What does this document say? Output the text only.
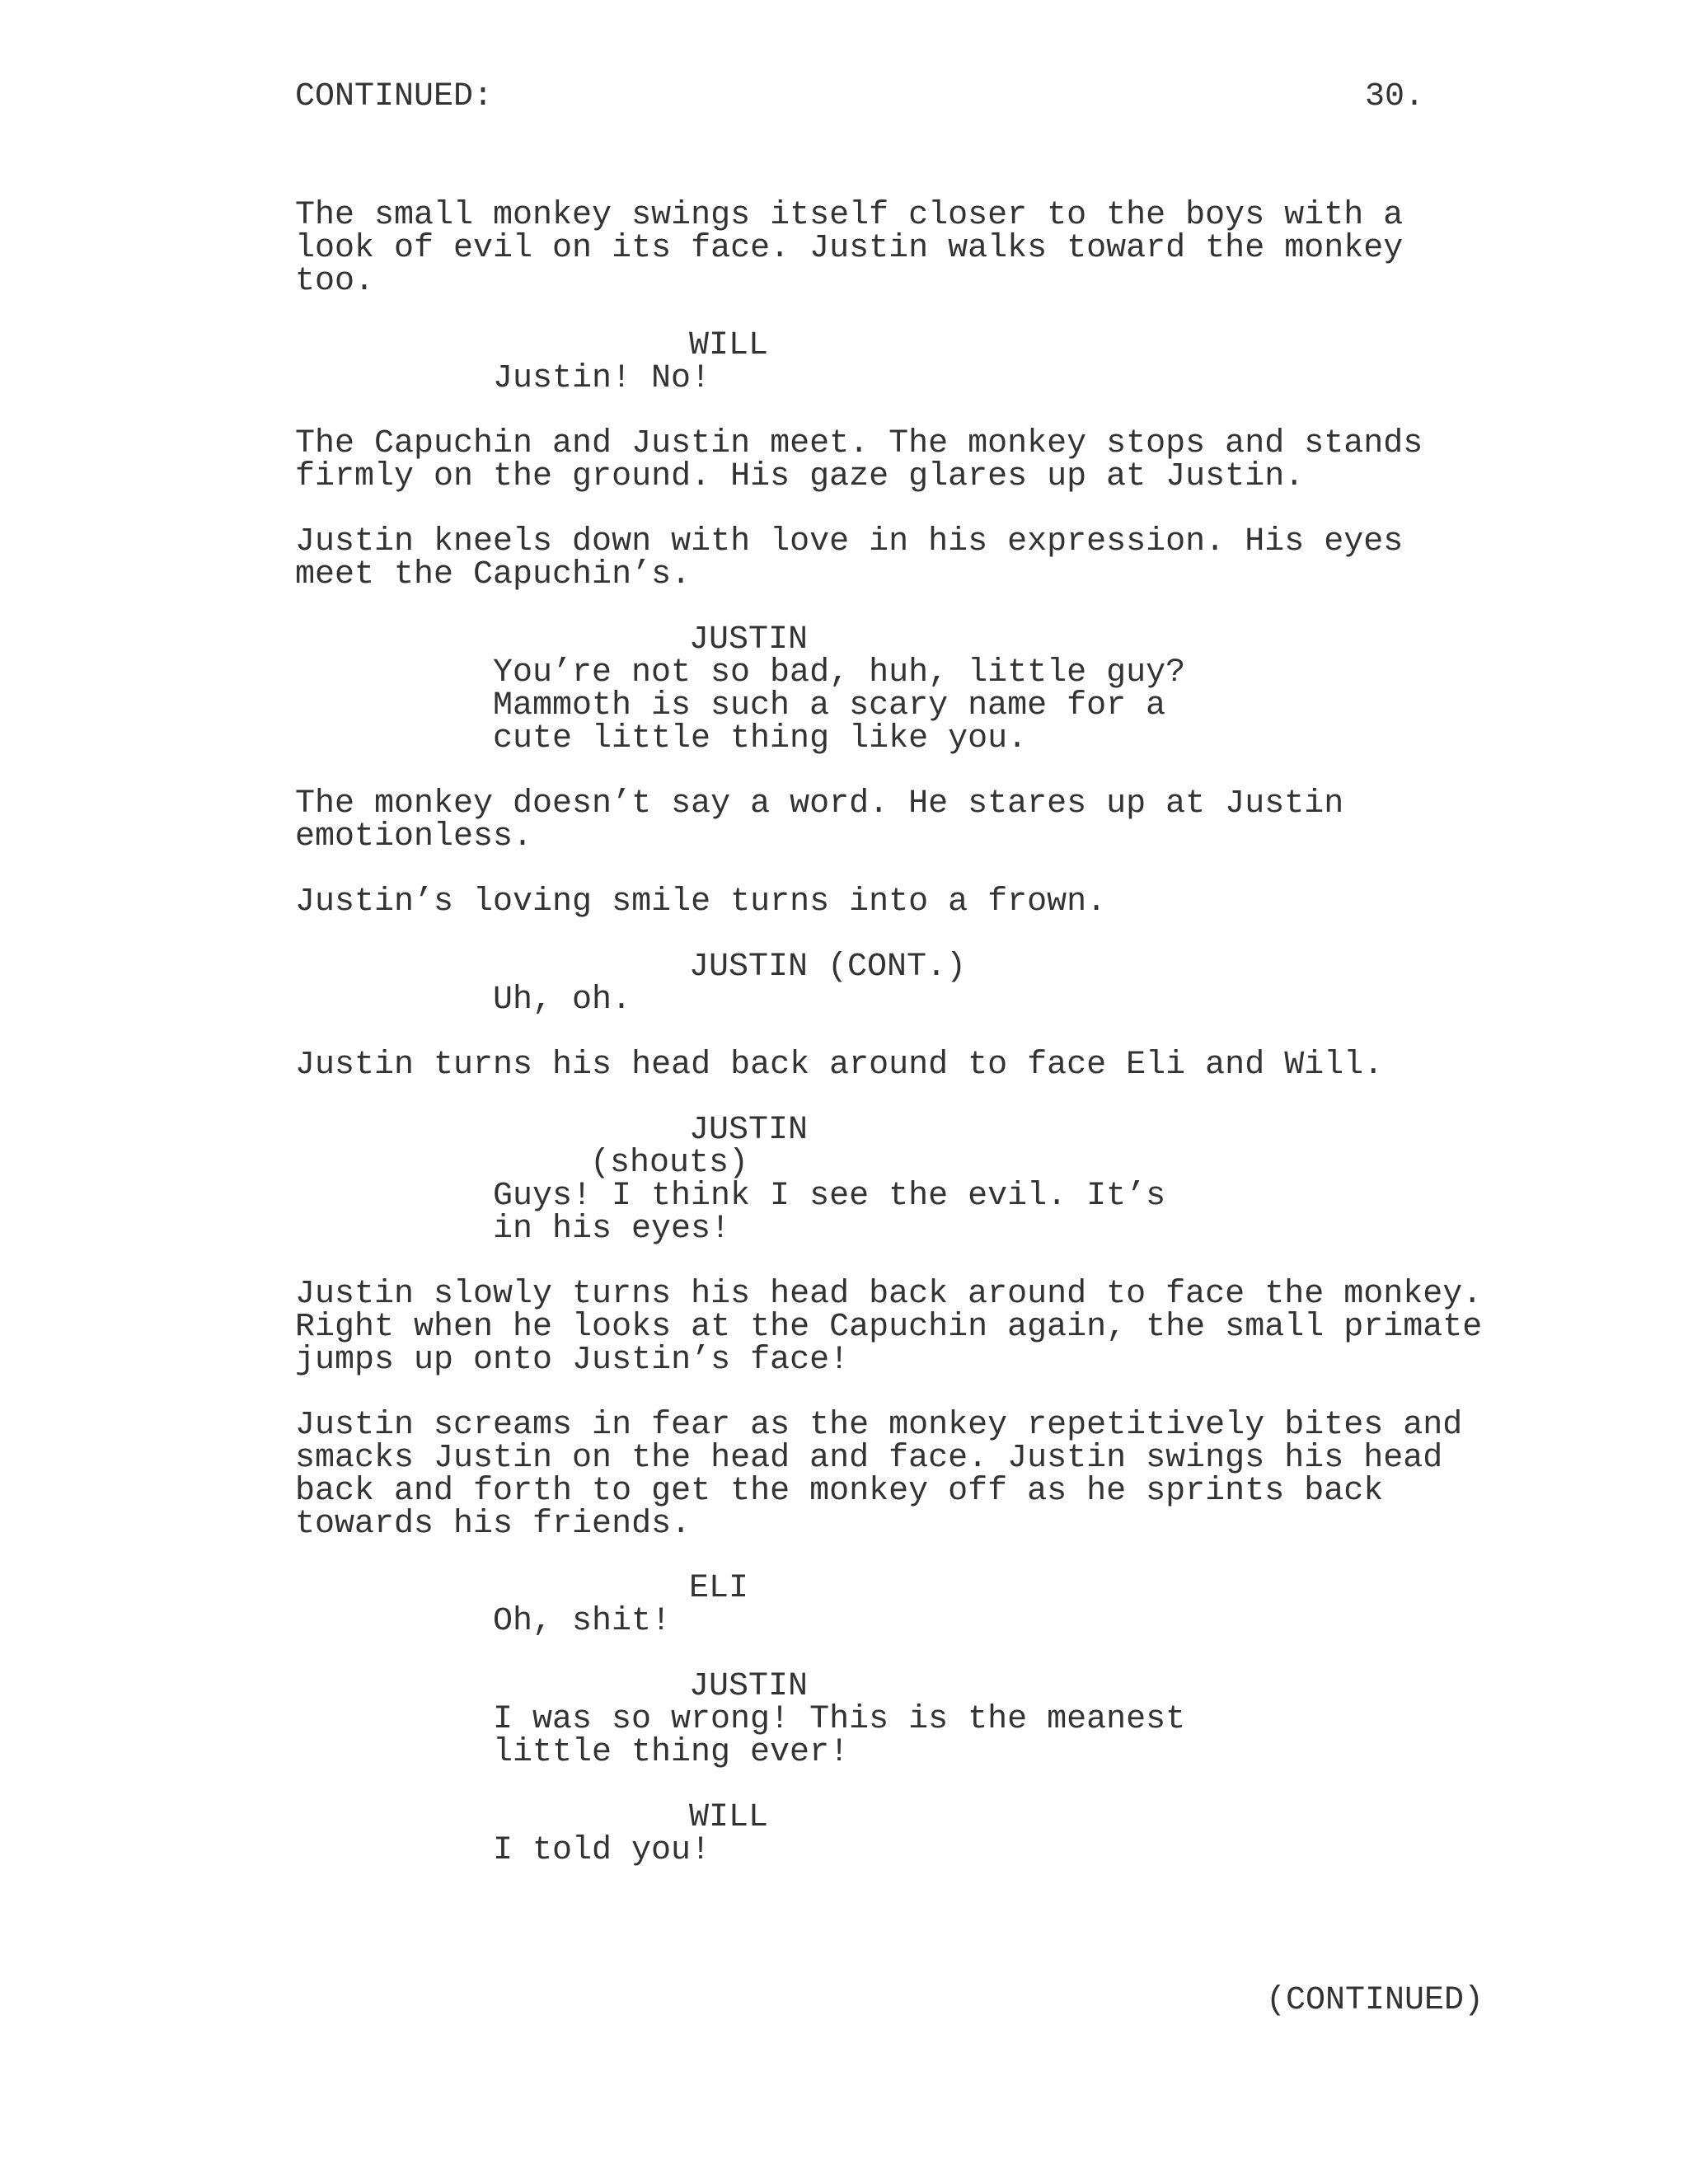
CONTINUED:	30.
The small monkey swings itself closer to the boys with a
look of evil on its face. Justin walks toward the monkey
too.
WILL
Justin! No!
The Capuchin and Justin meet. The monkey stops and stands
firmly on the ground. His gaze glares up at Justin.
Justin kneels down with love in his expression. His eyes
meet the Capuchin’s.
JUSTIN
You’re not so bad, huh, little guy?
Mammoth is such a scary name for a
cute little thing like you.
The monkey doesn’t say a word. He stares up at Justin
emotionless.
Justin’s loving smile turns into a frown.
JUSTIN (CONT.)
Uh, oh.
Justin turns his head back around to face Eli and Will.
JUSTIN
(shouts)
Guys! I think I see the evil. It’s
in his eyes!
Justin slowly turns his head back around to face the monkey.
Right when he looks at the Capuchin again, the small primate
jumps up onto Justin’s face!
Justin screams in fear as the monkey repetitively bites and
smacks Justin on the head and face. Justin swings his head
back and forth to get the monkey off as he sprints back
towards his friends.
ELI
Oh, shit!
JUSTIN
I was so wrong! This is the meanest
little thing ever!
WILL
I told you!
(CONTINUED)
